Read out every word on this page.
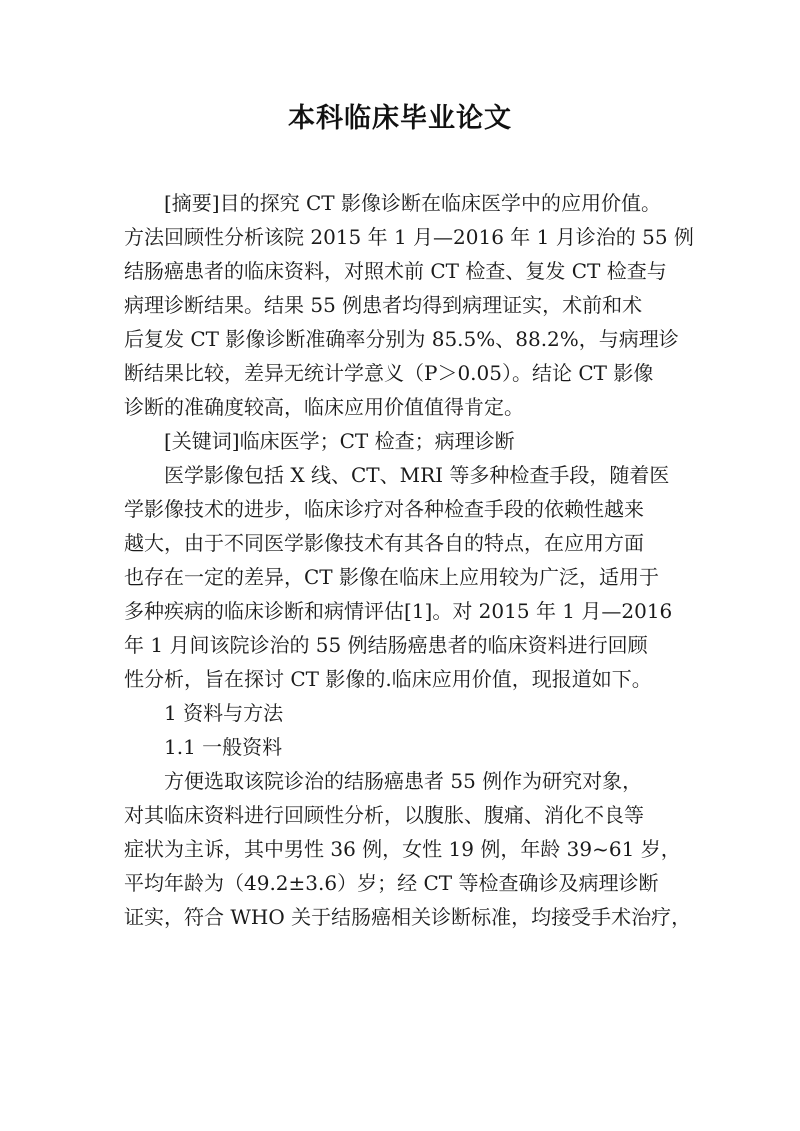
本科临床毕业论文
[摘要]目的探究 CT 影像诊断在临床医学中的应用价值。
方法回顾性分析该院 2015 年 1 月—2016 年 1 月诊治的 55 例
结肠癌患者的临床资料，对照术前 CT 检查、复发 CT 检查与
病理诊断结果。结果 55 例患者均得到病理证实，术前和术
后复发 CT 影像诊断准确率分别为 85.5%、88.2%，与病理诊
断结果比较，差异无统计学意义（P＞0.05）。结论 CT 影像
诊断的准确度较高，临床应用价值值得肯定。
[关键词]临床医学；CT 检查；病理诊断
医学影像包括 X 线、CT、MRI 等多种检查手段，随着医
学影像技术的进步，临床诊疗对各种检查手段的依赖性越来
越大，由于不同医学影像技术有其各自的特点，在应用方面
也存在一定的差异，CT 影像在临床上应用较为广泛，适用于
多种疾病的临床诊断和病情评估[1]。对 2015 年 1 月—2016
年 1 月间该院诊治的 55 例结肠癌患者的临床资料进行回顾
性分析，旨在探讨 CT 影像的.临床应用价值，现报道如下。
1 资料与方法
1.1 一般资料
方便选取该院诊治的结肠癌患者 55 例作为研究对象，
对其临床资料进行回顾性分析，以腹胀、腹痛、消化不良等
症状为主诉，其中男性 36 例，女性 19 例，年龄 39~61 岁，
平均年龄为（49.2±3.6）岁；经 CT 等检查确诊及病理诊断
证实，符合 WHO 关于结肠癌相关诊断标准，均接受手术治疗，
